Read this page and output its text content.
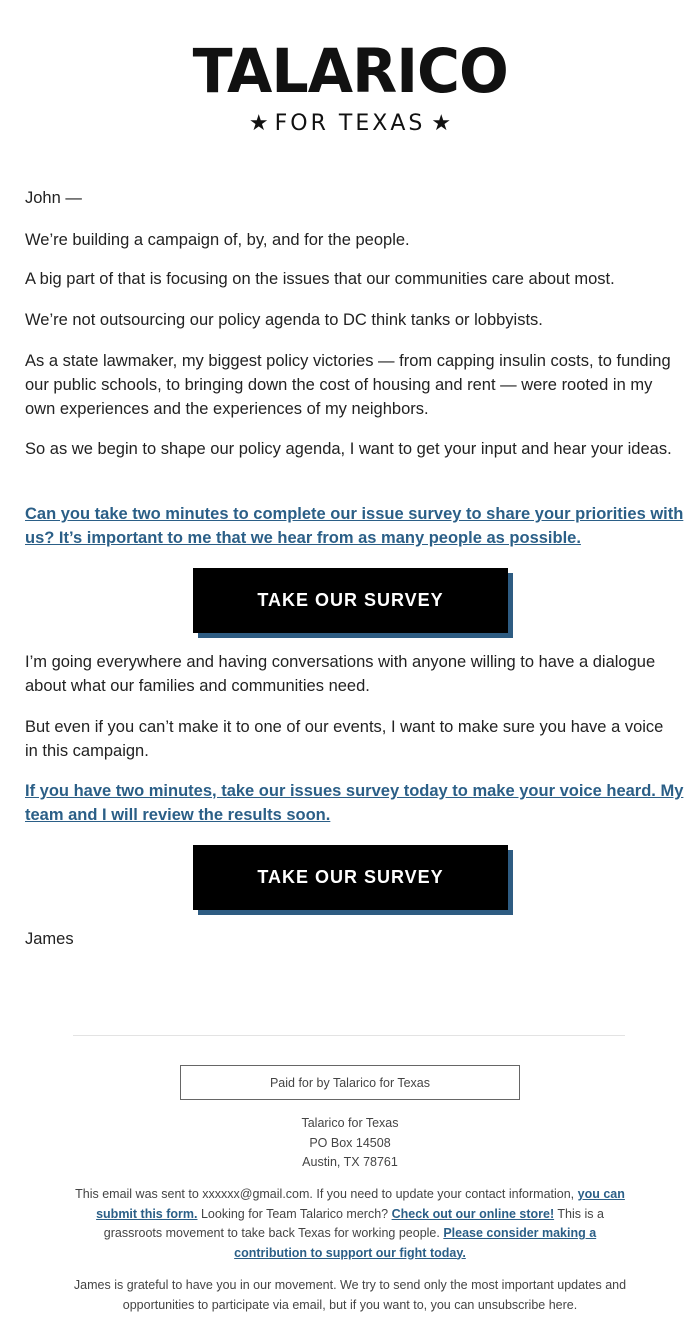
TALARICO
★ FOR TEXAS ★
John —
We’re building a campaign of, by, and for the people.
A big part of that is focusing on the issues that our communities care about most.
We’re not outsourcing our policy agenda to DC think tanks or lobbyists.
As a state lawmaker, my biggest policy victories — from capping insulin costs, to funding our public schools, to bringing down the cost of housing and rent — were rooted in my own experiences and the experiences of my neighbors.
So as we begin to shape our policy agenda, I want to get your input and hear your ideas.
Can you take two minutes to complete our issue survey to share your priorities with us? It’s important to me that we hear from as many people as possible.
TAKE OUR SURVEY
I’m going everywhere and having conversations with anyone willing to have a dialogue about what our families and communities need.
But even if you can’t make it to one of our events, I want to make sure you have a voice in this campaign.
If you have two minutes, take our issues survey today to make your voice heard. My team and I will review the results soon.
TAKE OUR SURVEY
James
Paid for by Talarico for Texas
Talarico for Texas
PO Box 14508
Austin, TX 78761
This email was sent to xxxxxx@gmail.com. If you need to update your contact information, you can submit this form. Looking for Team Talarico merch? Check out our online store! This is a grassroots movement to take back Texas for working people. Please consider making a contribution to support our fight today.
James is grateful to have you in our movement. We try to send only the most important updates and opportunities to participate via email, but if you want to, you can unsubscribe here.
